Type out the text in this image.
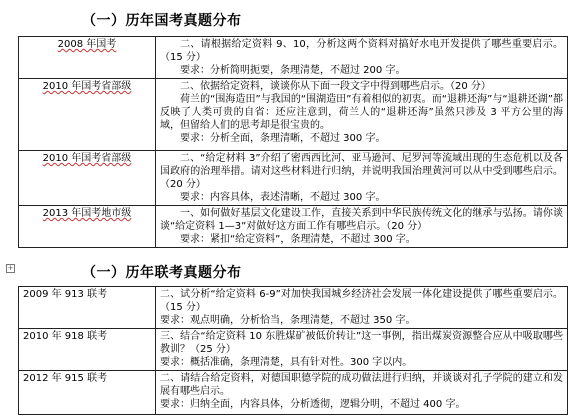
（一）历年国考真题分布
2008 年国考	二、请根据给定资料 9、10，分析这两个资料对搞好水电开发提供了哪些重要启示。（15 分）
要求：分析简明扼要，条理清楚，不超过 200 字。

2010 年国考省部级	二、依据给定资料，谈谈你从下面一段文字中得到哪些启示。（20 分）
荷兰的“围海造田”与我国的“围湖造田”有着相似的初衷。而“退耕还海”与“退耕还湖”都反映了人类可贵的自省：还应注意到，荷兰人的“退耕还海”虽然只涉及 3 平方公里的海域，但留给人们的思考却是很宝贵的。
要求：分析全面，条理清晰，不超过 300 字。

2010 年国考省部级	二、“给定材料 3”介绍了密西西比河、亚马逊河、尼罗河等流域出现的生态危机以及各国政府的治理举措。请对这些材料进行归纳，并说明我国治理黄河可以从中受到哪些启示。（20 分）
要求：内容具体，表述清晰，不超过 300 字。

2013 年国考地市级	一、如何做好基层文化建设工作，直接关系到中华民族传统文化的继承与弘扬。请你谈谈“给定资料 1—3”对做好这方面工作有哪些启示。（20 分）
要求：紧扣“给定资料”，条理清楚，不超过 300 字。
+	（一）历年联考真题分布
2009 年 913 联考	二、试分析“给定资料 6-9”对加快我国城乡经济社会发展一体化建设提供了哪些重要启示。（15 分）
要求：观点明确，分析恰当，条理清楚，不超过 350 字。

2010 年 918 联考	三、结合“给定资料 10 东胜煤矿被低价转让”这一事例，指出煤炭资源整合应从中吸取哪些教训？（25 分）
要求：概括准确，条理清楚，具有针对性。300 字以内。

2012 年 915 联考	二、请结合给定资料，对德国职德学院的成功做法进行归纳，并谈谈对孔子学院的建立和发展有哪些启示。
要求：归纳全面，内容具体，分析透彻，逻辑分明，不超过 400 字。
